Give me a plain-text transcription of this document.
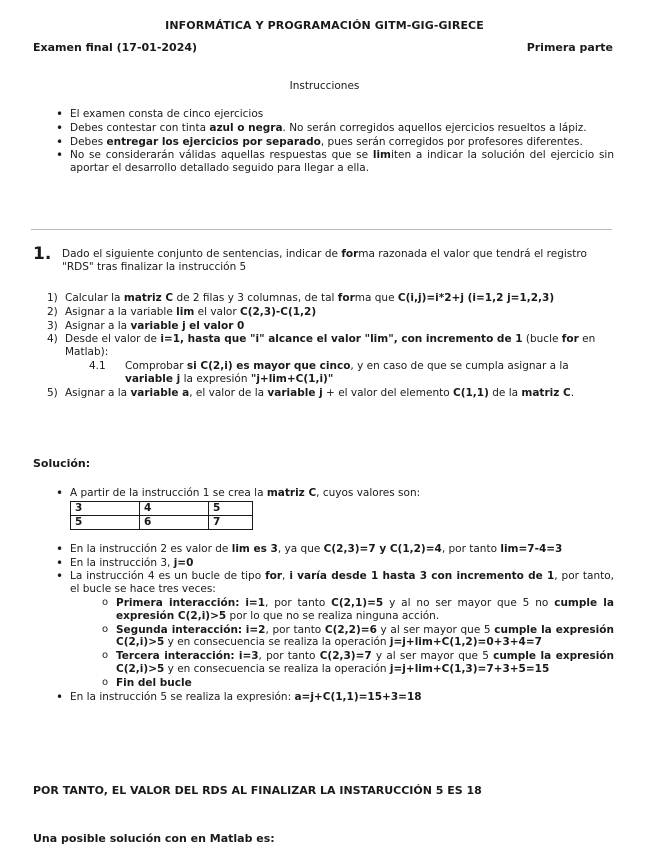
INFORMÁTICA Y PROGRAMACIÓN GITM-GIG-GIRECE
Examen final (17-01-2024)	Primera parte
Instrucciones
• El examen consta de cinco ejercicios
• Debes contestar con tinta azul o negra. No serán corregidos aquellos ejercicios resueltos a lápiz.
• Debes entregar los ejercicios por separado, pues serán corregidos por profesores diferentes.
• No se considerarán válidas aquellas respuestas que se limiten a indicar la solución del ejercicio sin aportar el desarrollo detallado seguido para llegar a ella.
1. Dado el siguiente conjunto de sentencias, indicar de forma razonada el valor que tendrá el registro "RDS" tras finalizar la instrucción 5
1) Calcular la matriz C de 2 filas y 3 columnas, de tal forma que C(i,j)=i*2+j (i=1,2 j=1,2,3)
2) Asignar a la variable lim el valor C(2,3)-C(1,2)
3) Asignar a la variable j el valor 0
4) Desde el valor de i=1, hasta que "i" alcance el valor "lim", con incremento de 1 (bucle for en Matlab):
4.1 Comprobar si C(2,i) es mayor que cinco, y en caso de que se cumpla asignar a la variable j la expresión "j+lim+C(1,i)"
5) Asignar a la variable a, el valor de la variable j + el valor del elemento C(1,1) de la matriz C.
Solución:
• A partir de la instrucción 1 se crea la matriz C, cuyos valores son:
3	4	5
5	6	7
• En la instrucción 2 es valor de lim es 3, ya que C(2,3)=7 y C(1,2)=4, por tanto lim=7-4=3
• En la instrucción 3, j=0
• La instrucción 4 es un bucle de tipo for, i varía desde 1 hasta 3 con incremento de 1, por tanto, el bucle se hace tres veces:
o Primera interacción: i=1, por tanto C(2,1)=5 y al no ser mayor que 5 no cumple la expresión C(2,i)>5 por lo que no se realiza ninguna acción.
o Segunda interacción: i=2, por tanto C(2,2)=6 y al ser mayor que 5 cumple la expresión C(2,i)>5 y en consecuencia se realiza la operación j=j+lim+C(1,2)=0+3+4=7
o Tercera interacción: i=3, por tanto C(2,3)=7 y al ser mayor que 5 cumple la expresión C(2,i)>5 y en consecuencia se realiza la operación j=j+lim+C(1,3)=7+3+5=15
o Fin del bucle
• En la instrucción 5 se realiza la expresión: a=j+C(1,1)=15+3=18
POR TANTO, EL VALOR DEL RDS AL FINALIZAR LA INSTARUCCIÓN 5 ES 18
Una posible solución con en Matlab es:
